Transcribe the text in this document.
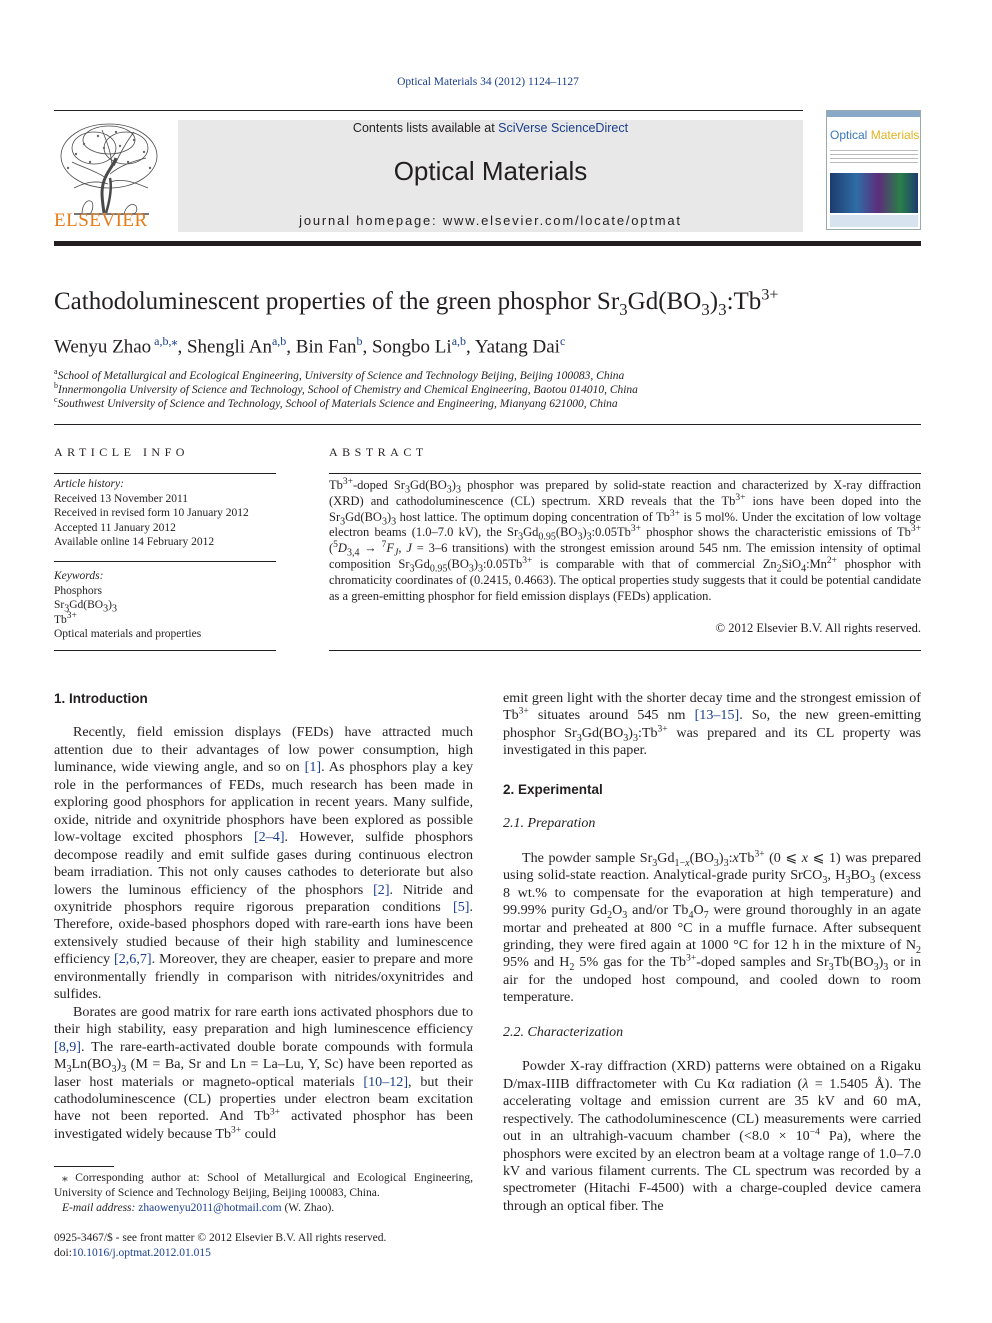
Optical Materials 34 (2012) 1124–1127
ELSEVIER
Contents lists available at SciVerse ScienceDirect
Optical Materials
journal homepage: www.elsevier.com/locate/optmat
Optical Materials
Cathodoluminescent properties of the green phosphor $Sr_3Gd(BO_3)_3:Tb^{3+}$
Wenyu Zhao $^{a,b,⁎}$, Shengli An$^{a,b}$, Bin Fan$^b$, Songbo Li$^{a,b}$, Yatang Dai$^c$
$^a$School of Metallurgical and Ecological Engineering, University of Science and Technology Beijing, Beijing 100083, China
$^b$Innermongolia University of Science and Technology, School of Chemistry and Chemical Engineering, Baotou 014010, China
$^c$Southwest University of Science and Technology, School of Materials Science and Engineering, Mianyang 621000, China
ARTICLE INFO
Article history:
Received 13 November 2011
Received in revised form 10 January 2012
Accepted 11 January 2012
Available online 14 February 2012
Keywords:
Phosphors
$Sr_3Gd(BO_3)_3$
$Tb^{3+}$
Optical materials and properties
ABSTRACT
$Tb^{3+}$-doped $Sr_3Gd(BO_3)_3$ phosphor was prepared by solid-state reaction and characterized by X-ray diffraction (XRD) and cathodoluminescence (CL) spectrum. XRD reveals that the $Tb^{3+}$ ions have been doped into the $Sr_3Gd(BO_3)_3$ host lattice. The optimum doping concentration of $Tb^{3+}$ is 5 mol%. Under the excitation of low voltage electron beams (1.0–7.0 kV), the $Sr_3Gd_{0.95}(BO_3)_3:0.05Tb^{3+}$ phosphor shows the characteristic emissions of $Tb^{3+}$ ($^5D_{3,4} \to ^7F_J$, J = 3–6 transitions) with the strongest emission around 545 nm. The emission intensity of optimal composition $Sr_3Gd_{0.95}(BO_3)_3:0.05Tb^{3+}$ is comparable with that of commercial $Zn_2SiO_4:Mn^{2+}$ phosphor with chromaticity coordinates of (0.2415, 0.4663). The optical properties study suggests that it could be potential candidate as a green-emitting phosphor for field emission displays (FEDs) application.
© 2012 Elsevier B.V. All rights reserved.
1. Introduction

Recently, field emission displays (FEDs) have attracted much attention due to their advantages of low power consumption, high luminance, wide viewing angle, and so on [1]. As phosphors play a key role in the performances of FEDs, much research has been made in exploring good phosphors for application in recent years. Many sulfide, oxide, nitride and oxynitride phosphors have been explored as possible low-voltage excited phosphors [2–4]. However, sulfide phosphors decompose readily and emit sulfide gases during continuous electron beam irradiation. This not only causes cathodes to deteriorate but also lowers the luminous efficiency of the phosphors [2]. Nitride and oxynitride phosphors require rigorous preparation conditions [5]. Therefore, oxide-based phosphors doped with rare-earth ions have been extensively studied because of their high stability and luminescence efficiency [2,6,7]. Moreover, they are cheaper, easier to prepare and more environmentally friendly in comparison with nitrides/oxynitrides and sulfides.

Borates are good matrix for rare earth ions activated phosphors due to their high stability, easy preparation and high luminescence efficiency [8,9]. The rare-earth-activated double borate compounds with formula $M_3Ln(BO_3)_3$ (M = Ba, Sr and Ln = La–Lu, Y, Sc) have been reported as laser host materials or magneto-optical materials [10–12], but their cathodoluminescence (CL) properties under electron beam excitation have not been reported. And $Tb^{3+}$ activated phosphor has been investigated widely because $Tb^{3+}$ could

⁎ Corresponding author at: School of Metallurgical and Ecological Engineering, University of Science and Technology Beijing, Beijing 100083, China.
E-mail address: zhaowenyu2011@hotmail.com (W. Zhao).
0925-3467/$ - see front matter © 2012 Elsevier B.V. All rights reserved.
doi:10.1016/j.optmat.2012.01.015

emit green light with the shorter decay time and the strongest emission of $Tb^{3+}$ situates around 545 nm [13–15]. So, the new green-emitting phosphor $Sr_3Gd(BO_3)_3:Tb^{3+}$ was prepared and its CL property was investigated in this paper.

2. Experimental
2.1. Preparation

The powder sample $Sr_3Gd_{1-x}(BO_3)_3:xTb^{3+}$ (0 ⩽ x ⩽ 1) was prepared using solid-state reaction. Analytical-grade purity SrCO$_3$, $H_3BO_3$ (excess 8 wt.% to compensate for the evaporation at high temperature) and 99.99% purity $Gd_2O_3$ and/or $Tb_4O_7$ were ground thoroughly in an agate mortar and preheated at 800 °C in a muffle furnace. After subsequent grinding, they were fired again at 1000 °C for 12 h in the mixture of $N_2$ 95% and $H_2$ 5% gas for the $Tb^{3+}$-doped samples and $Sr_3Tb(BO_3)_3$ or in air for the undoped host compound, and cooled down to room temperature.

2.2. Characterization

Powder X-ray diffraction (XRD) patterns were obtained on a Rigaku D/max-IIIB diffractometer with Cu Kα radiation (λ = 1.5405 Å). The accelerating voltage and emission current are 35 kV and 60 mA, respectively. The cathodoluminescence (CL) measurements were carried out in an ultrahigh-vacuum chamber ($<8.0 \times 10^{-4}$ Pa), where the phosphors were excited by an electron beam at a voltage range of 1.0–7.0 kV and various filament currents. The CL spectrum was recorded by a spectrometer (Hitachi F-4500) with a charge-coupled device camera through an optical fiber. The
